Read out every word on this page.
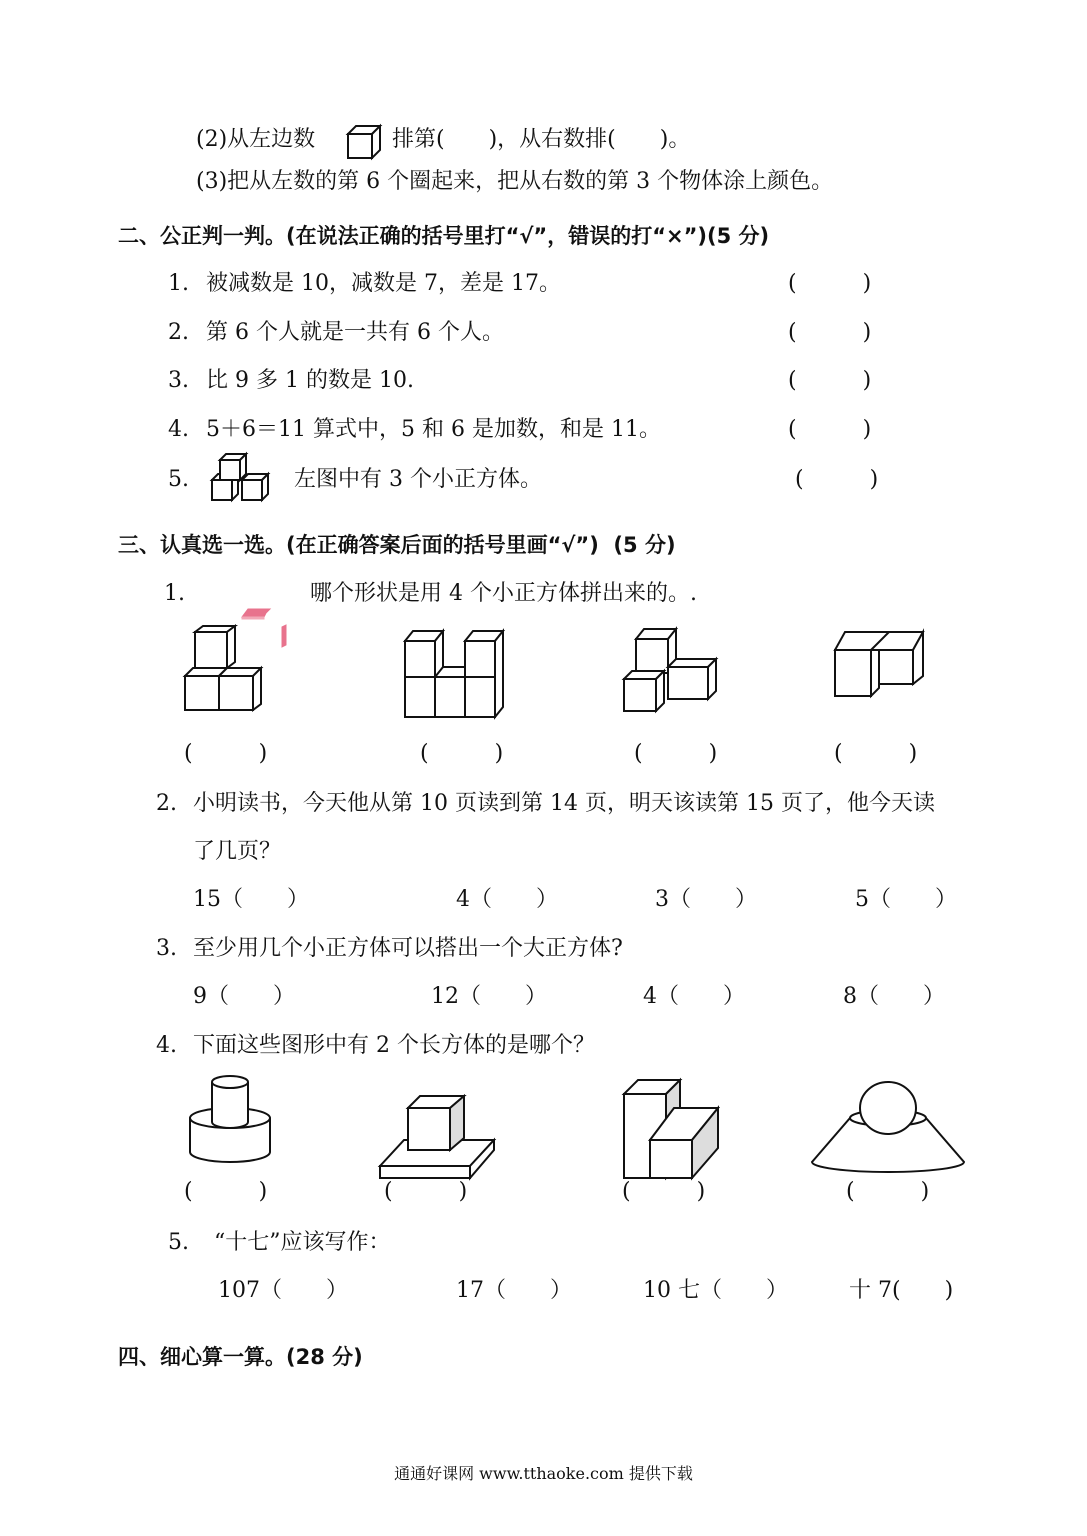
(2)从左边数	排第(　　)，从右数排(　　)。
(3)把从左数的第 6 个圈起来，把从右数的第 3 个物体涂上颜色。
二、公正判一判。(在说法正确的括号里打“√”，错误的打“×”)(5 分)
1. 被减数是 10，减数是 7，差是 17。	(　　　)
2. 第 6 个人就是一共有 6 个人。	(　　　)
3. 比 9 多 1 的数是 10.	(　　　)
4. 5＋6＝11 算式中，5 和 6 是加数，和是 11。	(　　　)
5.	左图中有 3 个小正方体。	(　　　)
三、认真选一选。(在正确答案后面的括号里画“√”)  (5 分)
1.	哪个形状是用 4 个小正方体拼出来的。.
(　　　)	(　　　)	(　　　)	(　　　)
2. 小明读书，今天他从第 10 页读到第 14 页，明天该读第 15 页了，他今天读
了几页？
15（　　）	4（　　）	3（　　）	5（　　）
3. 至少用几个小正方体可以搭出一个大正方体?
9（　　）	12（　　）	4（　　）	8（　　）
4. 下面这些图形中有 2 个长方体的是哪个？
(　　　)	(　　　)	(　　　)	(　　　)
5. “十七”应该写作：
107（　　）	17（　　）	10 七（　　）	十 7(　　)
四、细心算一算。(28 分)
通通好课网 www.tthaoke.com 提供下载
